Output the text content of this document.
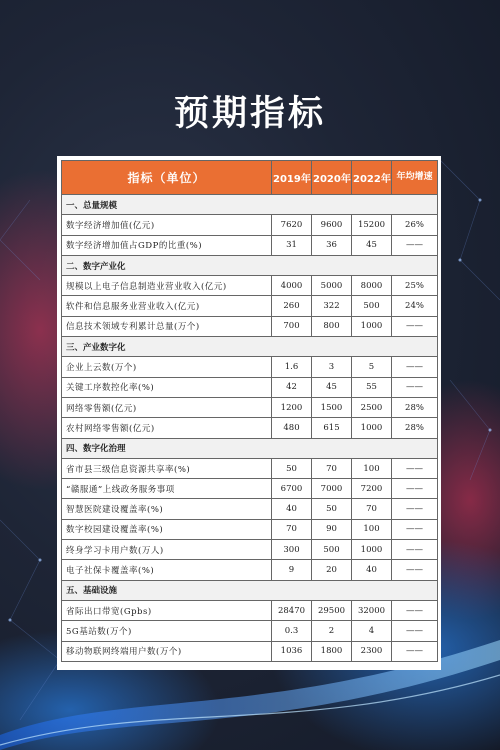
预期指标
指标（单位）	2019年	2020年	2022年	年均增速
一、总量规模				
数字经济增加值(亿元)	7620	9600	15200	26%
数字经济增加值占GDP的比重(%)	31	36	45	——
二、数字产业化				
规模以上电子信息制造业营业收入(亿元)	4000	5000	8000	25%
软件和信息服务业营业收入(亿元)	260	322	500	24%
信息技术领域专利累计总量(万个)	700	800	1000	——
三、产业数字化				
企业上云数(万个)	1.6	3	5	——
关键工序数控化率(%)	42	45	55	——
网络零售额(亿元)	1200	1500	2500	28%
农村网络零售额(亿元)	480	615	1000	28%
四、数字化治理				
省市县三级信息资源共享率(%)	50	70	100	——
“赣服通”上线政务服务事项	6700	7000	7200	——
智慧医院建设覆盖率(%)	40	50	70	——
数字校园建设覆盖率(%)	70	90	100	——
终身学习卡用户数(万人)	300	500	1000	——
电子社保卡覆盖率(%)	9	20	40	——
五、基础设施				
省际出口带宽(Gpbs)	28470	29500	32000	——
5G基站数(万个)	0.3	2	4	——
移动物联网终端用户数(万个)	1036	1800	2300	——
